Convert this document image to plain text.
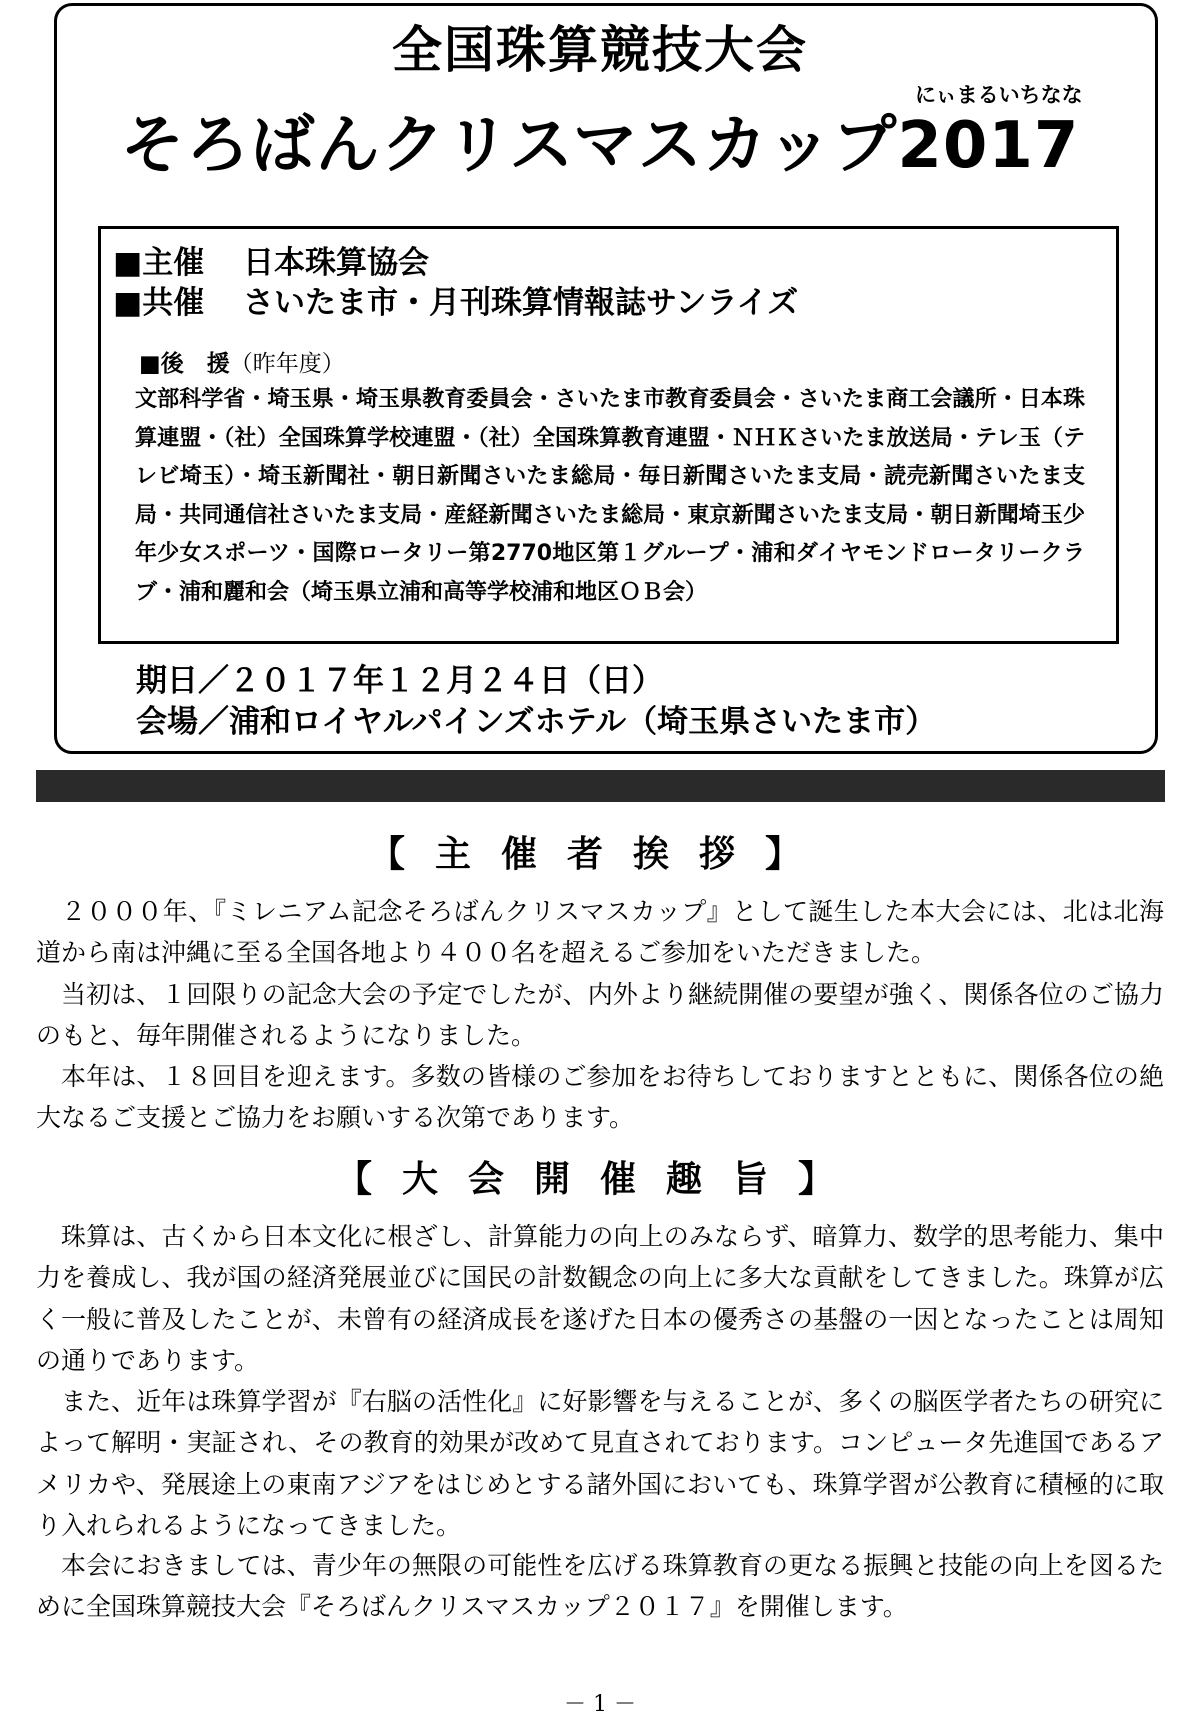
全国珠算競技大会
にぃまるいちなな
そろばんクリスマスカップ2017
■主催 日本珠算協会
■共催 さいたま市・月刊珠算情報誌サンライズ
■後　援（昨年度）
文部科学省・埼玉県・埼玉県教育委員会・さいたま市教育委員会・さいたま商工会議所・日本珠算連盟・（社）全国珠算学校連盟・（社）全国珠算教育連盟・ＮＨＫさいたま放送局・テレ玉（テレビ埼玉）・埼玉新聞社・朝日新聞さいたま総局・毎日新聞さいたま支局・読売新聞さいたま支局・共同通信社さいたま支局・産経新聞さいたま総局・東京新聞さいたま支局・朝日新聞埼玉少年少女スポーツ・国際ロータリー第2770地区第１グループ・浦和ダイヤモンドロータリークラブ・浦和麗和会（埼玉県立浦和高等学校浦和地区ＯＢ会）
期日／２０１７年１２月２４日（日）
会場／浦和ロイヤルパインズホテル（埼玉県さいたま市）
【主催者挨拶】
２０００年、『ミレニアム記念そろばんクリスマスカップ』として誕生した本大会には、北は北海道から南は沖縄に至る全国各地より４００名を超えるご参加をいただきました。
当初は、１回限りの記念大会の予定でしたが、内外より継続開催の要望が強く、関係各位のご協力のもと、毎年開催されるようになりました。
本年は、１８回目を迎えます。多数の皆様のご参加をお待ちしておりますとともに、関係各位の絶大なるご支援とご協力をお願いする次第であります。
【大会開催趣旨】
珠算は、古くから日本文化に根ざし、計算能力の向上のみならず、暗算力、数学的思考能力、集中力を養成し、我が国の経済発展並びに国民の計数観念の向上に多大な貢献をしてきました。珠算が広く一般に普及したことが、未曾有の経済成長を遂げた日本の優秀さの基盤の一因となったことは周知の通りであります。
また、近年は珠算学習が『右脳の活性化』に好影響を与えることが、多くの脳医学者たちの研究によって解明・実証され、その教育的効果が改めて見直されております。コンピュータ先進国であるアメリカや、発展途上の東南アジアをはじめとする諸外国においても、珠算学習が公教育に積極的に取り入れられるようになってきました。
本会におきましては、青少年の無限の可能性を広げる珠算教育の更なる振興と技能の向上を図るために全国珠算競技大会『そろばんクリスマスカップ２０１７』を開催します。
－ 1 －
